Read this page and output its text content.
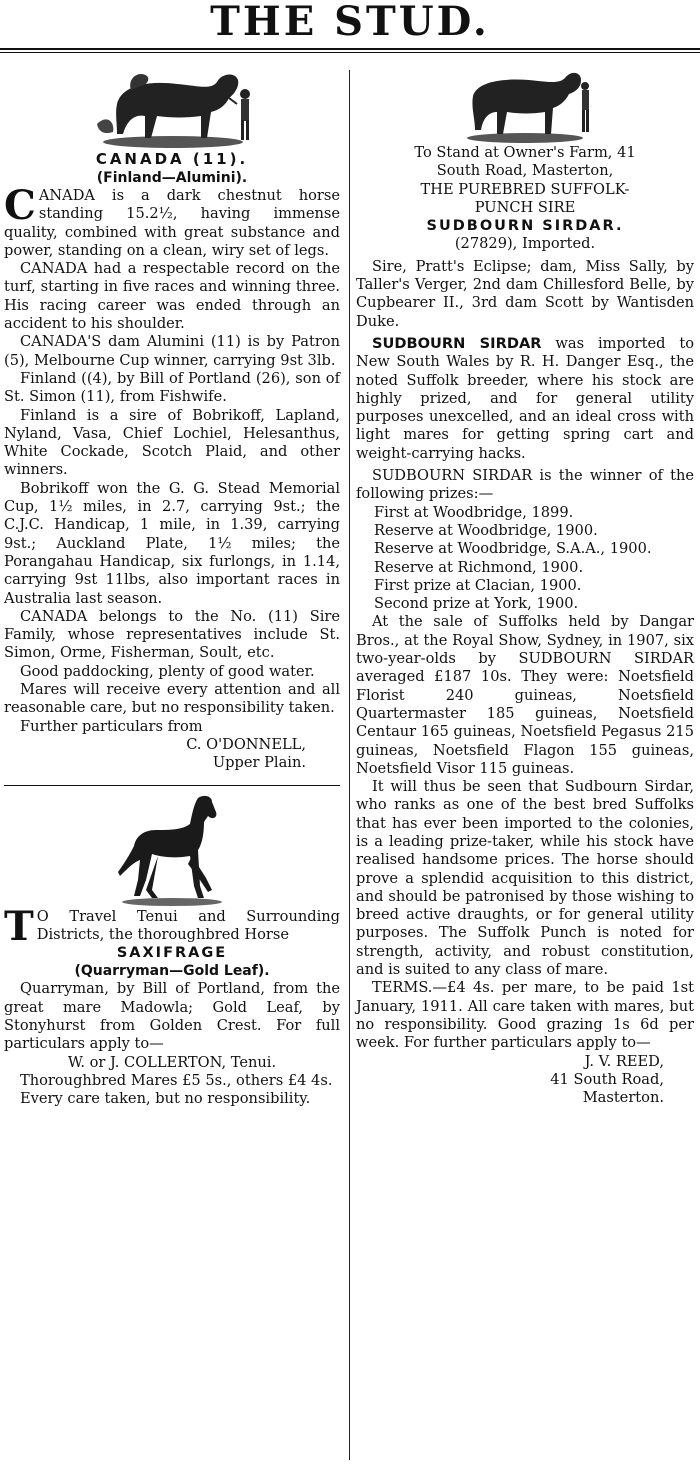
THE STUD.
CANADA (11).
(Finland—Alumini).
C ANADA is a dark chestnut horse standing 15.2½, having immense quality, combined with great substance and power, standing on a clean, wiry set of legs.

CANADA had a respectable record on the turf, starting in five races and winning three. His racing career was ended through an accident to his shoulder.

CANADA'S dam Alumini (11) is by Patron (5), Melbourne Cup winner, carrying 9st 3lb.

Finland ((4), by Bill of Portland (26), son of St. Simon (11), from Fishwife.

Finland is a sire of Bobrikoff, Lapland, Nyland, Vasa, Chief Lochiel, Helesanthus, White Cockade, Scotch Plaid, and other winners.

Bobrikoff won the G. G. Stead Memorial Cup, 1½ miles, in 2.7, carrying 9st.; the C.J.C. Handicap, 1 mile, in 1.39, carrying 9st.; Auckland Plate, 1½ miles; the Porangahau Handicap, six furlongs, in 1.14, carrying 9st 11lbs, also important races in Australia last season.

CANADA belongs to the No. (11) Sire Family, whose representatives include St. Simon, Orme, Fisherman, Soult, etc.

Good paddocking, plenty of good water.

Mares will receive every attention and all reasonable care, but no responsibility taken.

Further particulars from

C. O'DONNELL,
Upper Plain.
T O Travel Tenui and Surrounding Districts, the thoroughbred Horse

SAXIFRAGE
(Quarryman—Gold Leaf).

Quarryman, by Bill of Portland, from the great mare Madowla; Gold Leaf, by Stonyhurst from Golden Crest. For full particulars apply to—

W. or J. COLLERTON, Tenui.

Thoroughbred Mares £5 5s., others £4 4s.

Every care taken, but no responsibility.

To Stand at Owner's Farm, 41
South Road, Masterton,
THE PUREBRED SUFFOLK-
PUNCH SIRE
SUDBOURN SIRDAR.
(27829), Imported.

Sire, Pratt's Eclipse; dam, Miss Sally, by Taller's Verger, 2nd dam Chillesford Belle, by Cupbearer II., 3rd dam Scott by Wantisden Duke.

SUDBOURN SIRDAR was imported to New South Wales by R. H. Danger Esq., the noted Suffolk breeder, where his stock are highly prized, and for general utility purposes unexcelled, and an ideal cross with light mares for getting spring cart and weight-carrying hacks.

SUDBOURN SIRDAR is the winner of the following prizes:—

First at Woodbridge, 1899.
Reserve at Woodbridge, 1900.
Reserve at Woodbridge, S.A.A., 1900.
Reserve at Richmond, 1900.
First prize at Clacian, 1900.
Second prize at York, 1900.

At the sale of Suffolks held by Dangar Bros., at the Royal Show, Sydney, in 1907, six two-year-olds by SUDBOURN SIRDAR averaged £187 10s. They were: Noetsfield Florist 240 guineas, Noetsfield Quartermaster 185 guineas, Noetsfield Centaur 165 guineas, Noetsfield Pegasus 215 guineas, Noetsfield Flagon 155 guineas, Noetsfield Visor 115 guineas.

It will thus be seen that Sudbourn Sirdar, who ranks as one of the best bred Suffolks that has ever been imported to the colonies, is a leading prize-taker, while his stock have realised handsome prices. The horse should prove a splendid acquisition to this district, and should be patronised by those wishing to breed active draughts, or for general utility purposes. The Suffolk Punch is noted for strength, activity, and robust constitution, and is suited to any class of mare.

TERMS.—£4 4s. per mare, to be paid 1st January, 1911. All care taken with mares, but no responsibility. Good grazing 1s 6d per week. For further particulars apply to—

J. V. REED,
41 South Road,
Masterton.
